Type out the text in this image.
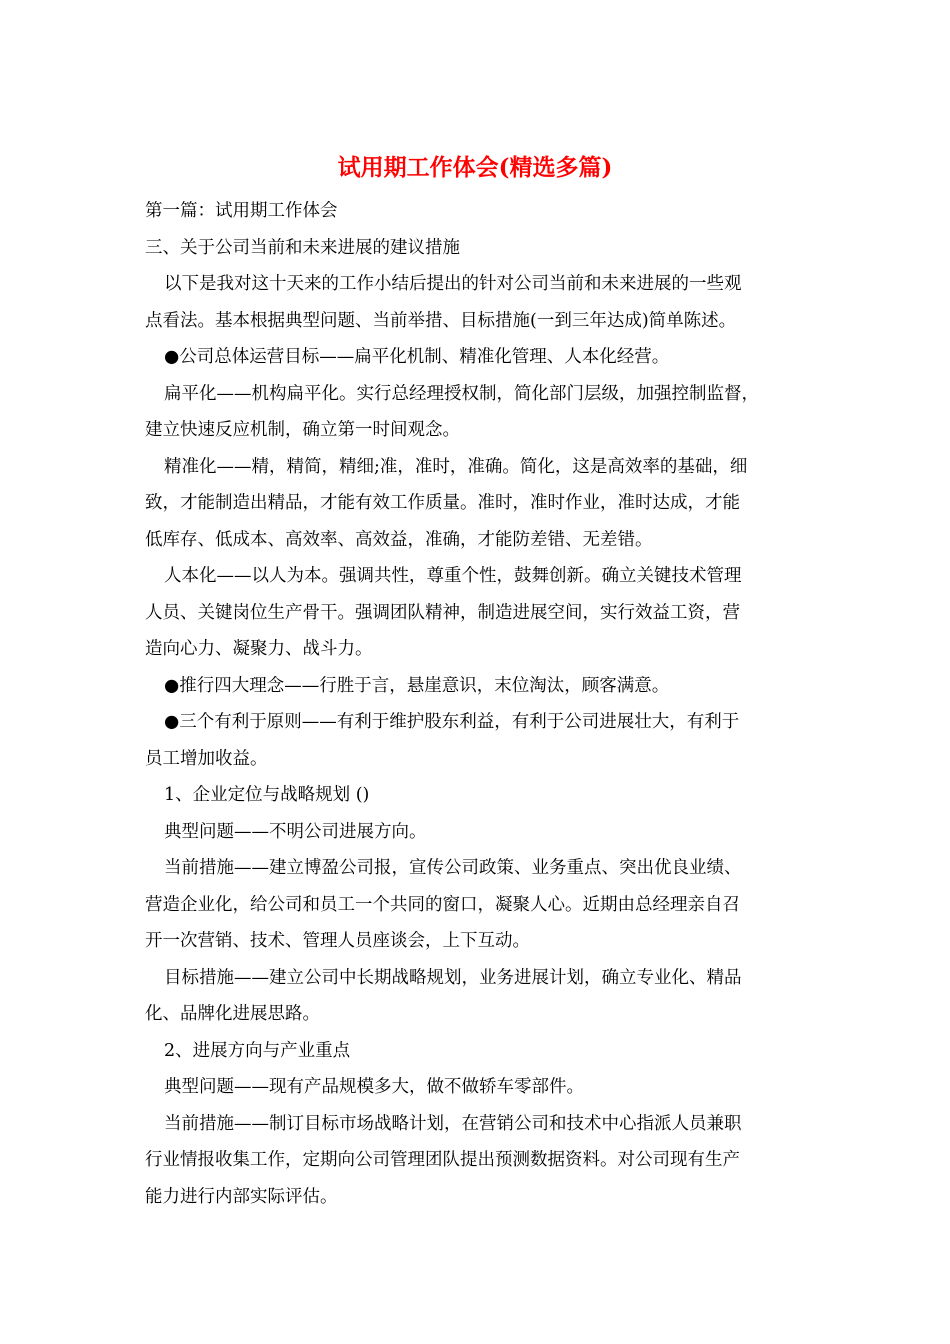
试用期工作体会(精选多篇)
第一篇：试用期工作体会
三、关于公司当前和未来进展的建议措施
以下是我对这十天来的工作小结后提出的针对公司当前和未来进展的一些观
点看法。基本根据典型问题、当前举措、目标措施(一到三年达成)简单陈述。
●公司总体运营目标——扁平化机制、精准化管理、人本化经营。
扁平化——机构扁平化。实行总经理授权制，简化部门层级，加强控制监督，
建立快速反应机制，确立第一时间观念。
精准化——精，精简，精细;准，准时，准确。简化，这是高效率的基础，细
致，才能制造出精品，才能有效工作质量。准时，准时作业，准时达成，才能
低库存、低成本、高效率、高效益，准确，才能防差错、无差错。
人本化——以人为本。强调共性，尊重个性，鼓舞创新。确立关键技术管理
人员、关键岗位生产骨干。强调团队精神，制造进展空间，实行效益工资，营
造向心力、凝聚力、战斗力。
●推行四大理念——行胜于言，悬崖意识，末位淘汰，顾客满意。
●三个有利于原则——有利于维护股东利益，有利于公司进展壮大，有利于
员工增加收益。
1、企业定位与战略规划 ()
典型问题——不明公司进展方向。
当前措施——建立博盈公司报，宣传公司政策、业务重点、突出优良业绩、
营造企业化，给公司和员工一个共同的窗口，凝聚人心。近期由总经理亲自召
开一次营销、技术、管理人员座谈会，上下互动。
目标措施——建立公司中长期战略规划，业务进展计划，确立专业化、精品
化、品牌化进展思路。
2、进展方向与产业重点
典型问题——现有产品规模多大，做不做轿车零部件。
当前措施——制订目标市场战略计划，在营销公司和技术中心指派人员兼职
行业情报收集工作，定期向公司管理团队提出预测数据资料。对公司现有生产
能力进行内部实际评估。
